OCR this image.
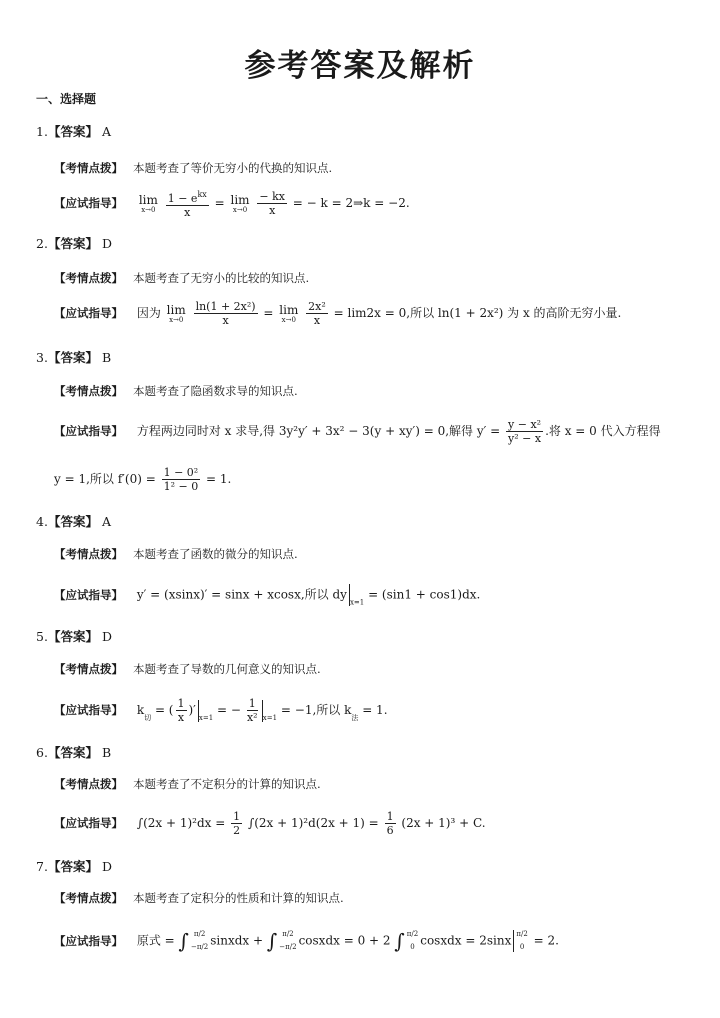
参考答案及解析
一、选择题
1.【答案】 A
【考情点拨】 本题考查了等价无穷小的代换的知识点.
【应试指导】 lim
x→0
$\frac{1 - e^{kx}}{x} = \lim$
x→0
$\frac{- kx}{x}$ = − k = 2⇒k = −2.
2.【答案】 D
【考情点拨】 本题考查了无穷小的比较的知识点.
【应试指导】 因为 lim
x→0
$\frac{\text{ln(1 + 2x²)}}{x} = \lim$
x→0
$\frac{\text{2x²}}{x} = \lim 2x = 0$,所以 ln(1 + 2x²) 为 x 的高阶无穷小量.
3.【答案】 B
【考情点拨】 本题考查了隐函数求导的知识点.
【应试指导】 方程两边同时对 x 求导,得 3y²y′ + 3x² − 3(y + xy′) = 0,解得 $y' = \frac{\text{y − x²}}{\text{y² − x}}$ .将 x = 0 代入方程得
y = 1,所以 $f'(0) = \frac{\text{1 − 0²}}{\text{1² − 0}} = 1$.
4.【答案】 A
【考情点拨】 本题考查了函数的微分的知识点.
【应试指导】 y′ = (xsinx)′ = sinx + xcosx,所以 $dy_{x=1} = (\sin 1 + \cos 1)dx$.
5.【答案】 D
【考情点拨】 本题考查了导数的几何意义的知识点.
【应试指导】 $k_切$ = ( $\frac{1}{x} )'_{x=1}$ = − $\frac{1}{\text{x²}} _{x=1} = -1$,所以 $k_法 = 1$.
6.【答案】 B
【考情点拨】 本题考查了不定积分的计算的知识点.
【应试指导】 $\int(2x + 1)^2dx = \frac{1}{2} \int(2x + 1)^2d(2x + 1) = \frac{1}{6} (2x + 1)^3 + C$.
7.【答案】 D
【考情点拨】 本题考查了定积分的性质和计算的知识点.
【应试指导】 原式 = ∫ π/2
−π/2 sinxdx + ∫ π/2
−π/2 cosxdx = 0 + 2 ∫ π/2
0 cosxdx = 2sinx π/2
0 = 2.
